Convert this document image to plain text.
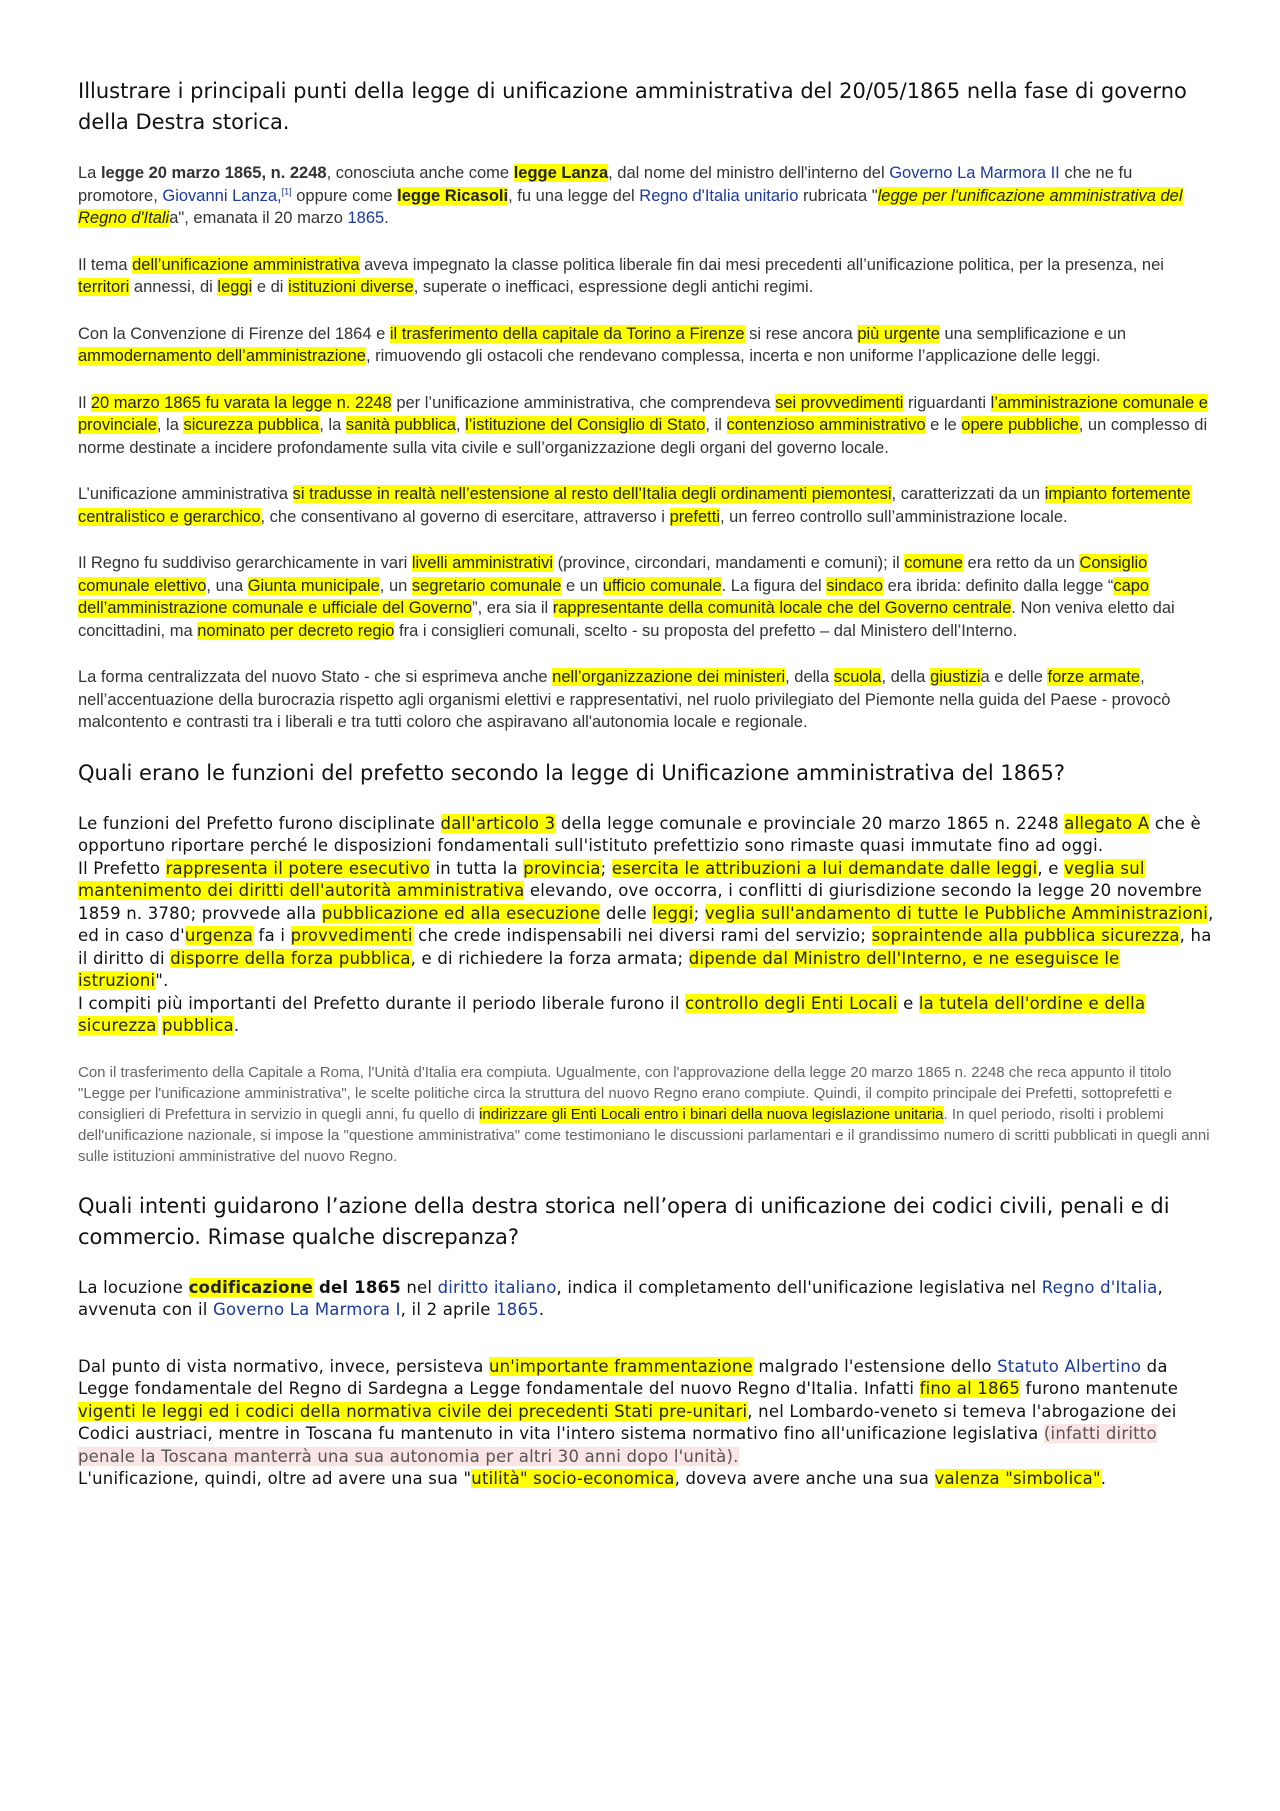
Illustrare i principali punti della legge di unificazione amministrativa del 20/05/1865 nella fase di governo della Destra storica.

La legge 20 marzo 1865, n. 2248, conosciuta anche come legge Lanza, dal nome del ministro dell'interno del Governo La Marmora II che ne fu promotore, Giovanni Lanza,[1] oppure come legge Ricasoli, fu una legge del Regno d'Italia unitario rubricata "legge per l'unificazione amministrativa del Regno d'Italia", emanata il 20 marzo 1865.

Il tema dell’unificazione amministrativa aveva impegnato la classe politica liberale fin dai mesi precedenti all’unificazione politica, per la presenza, nei territori annessi, di leggi e di istituzioni diverse, superate o inefficaci, espressione degli antichi regimi.

Con la Convenzione di Firenze del 1864 e il trasferimento della capitale da Torino a Firenze si rese ancora più urgente una semplificazione e un ammodernamento dell’amministrazione, rimuovendo gli ostacoli che rendevano complessa, incerta e non uniforme l’applicazione delle leggi.

Il 20 marzo 1865 fu varata la legge n. 2248 per l’unificazione amministrativa, che comprendeva sei provvedimenti riguardanti l’amministrazione comunale e provinciale, la sicurezza pubblica, la sanità pubblica, l’istituzione del Consiglio di Stato, il contenzioso amministrativo e le opere pubbliche, un complesso di norme destinate a incidere profondamente sulla vita civile e sull’organizzazione degli organi del governo locale.

L’unificazione amministrativa si tradusse in realtà nell’estensione al resto dell’Italia degli ordinamenti piemontesi, caratterizzati da un impianto fortemente centralistico e gerarchico, che consentivano al governo di esercitare, attraverso i prefetti, un ferreo controllo sull’amministrazione locale.

Il Regno fu suddiviso gerarchicamente in vari livelli amministrativi (province, circondari, mandamenti e comuni); il comune era retto da un Consiglio comunale elettivo, una Giunta municipale, un segretario comunale e un ufficio comunale. La figura del sindaco era ibrida: definito dalla legge “capo dell’amministrazione comunale e ufficiale del Governo”, era sia il rappresentante della comunità locale che del Governo centrale. Non veniva eletto dai concittadini, ma nominato per decreto regio fra i consiglieri comunali, scelto - su proposta del prefetto – dal Ministero dell’Interno.

La forma centralizzata del nuovo Stato - che si esprimeva anche nell’organizzazione dei ministeri, della scuola, della giustizia e delle forze armate, nell’accentuazione della burocrazia rispetto agli organismi elettivi e rappresentativi, nel ruolo privilegiato del Piemonte nella guida del Paese - provocò malcontento e contrasti tra i liberali e tra tutti coloro che aspiravano all'autonomia locale e regionale.

Quali erano le funzioni del prefetto secondo la legge di Unificazione amministrativa del 1865?

Le funzioni del Prefetto furono disciplinate dall'articolo 3 della legge comunale e provinciale 20 marzo 1865 n. 2248 allegato A che è opportuno riportare perché le disposizioni fondamentali sull'istituto prefettizio sono rimaste quasi immutate fino ad oggi.
Il Prefetto rappresenta il potere esecutivo in tutta la provincia; esercita le attribuzioni a lui demandate dalle leggi, e veglia sul mantenimento dei diritti dell'autorità amministrativa elevando, ove occorra, i conflitti di giurisdizione secondo la legge 20 novembre 1859 n. 3780; provvede alla pubblicazione ed alla esecuzione delle leggi; veglia sull'andamento di tutte le Pubbliche Amministrazioni, ed in caso d'urgenza fa i provvedimenti che crede indispensabili nei diversi rami del servizio; sopraintende alla pubblica sicurezza, ha il diritto di disporre della forza pubblica, e di richiedere la forza armata; dipende dal Ministro dell'Interno, e ne eseguisce le istruzioni".
I compiti più importanti del Prefetto durante il periodo liberale furono il controllo degli Enti Locali e la tutela dell'ordine e della sicurezza pubblica.

Con il trasferimento della Capitale a Roma, l'Unità d'Italia era compiuta. Ugualmente, con l'approvazione della legge 20 marzo 1865 n. 2248 che reca appunto il titolo "Legge per l'unificazione amministrativa", le scelte politiche circa la struttura del nuovo Regno erano compiute. Quindi, il compito principale dei Prefetti, sottoprefetti e consiglieri di Prefettura in servizio in quegli anni, fu quello di indirizzare gli Enti Locali entro i binari della nuova legislazione unitaria. In quel periodo, risolti i problemi dell'unificazione nazionale, si impose la "questione amministrativa" come testimoniano le discussioni parlamentari e il grandissimo numero di scritti pubblicati in quegli anni sulle istituzioni amministrative del nuovo Regno.

Quali intenti guidarono l’azione della destra storica nell’opera di unificazione dei codici civili, penali e di commercio. Rimase qualche discrepanza?

La locuzione codificazione del 1865 nel diritto italiano, indica il completamento dell'unificazione legislativa nel Regno d'Italia, avvenuta con il Governo La Marmora I, il 2 aprile 1865.

Dal punto di vista normativo, invece, persisteva un'importante frammentazione malgrado l'estensione dello Statuto Albertino da Legge fondamentale del Regno di Sardegna a Legge fondamentale del nuovo Regno d'Italia. Infatti fino al 1865 furono mantenute vigenti le leggi ed i codici della normativa civile dei precedenti Stati pre-unitari, nel Lombardo-veneto si temeva l'abrogazione dei Codici austriaci, mentre in Toscana fu mantenuto in vita l'intero sistema normativo fino all'unificazione legislativa (infatti diritto penale la Toscana manterrà una sua autonomia per altri 30 anni dopo l'unità).
L'unificazione, quindi, oltre ad avere una sua "utilità" socio-economica, doveva avere anche una sua valenza "simbolica".
